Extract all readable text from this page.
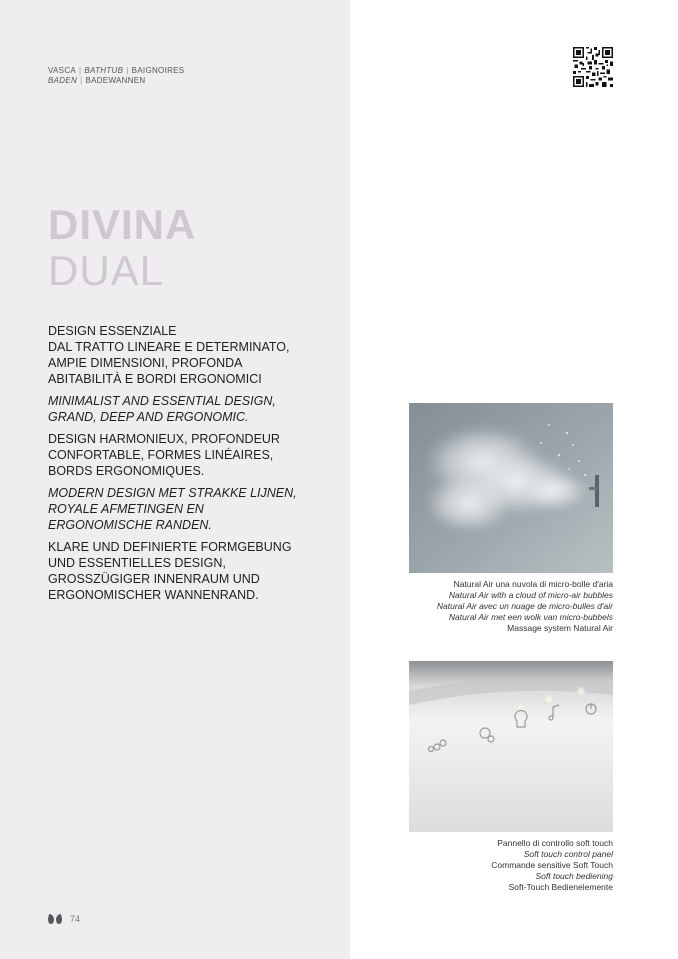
VASCA | BATHTUB | BAIGNOIRES
BADEN | BADEWANNEN
DIVINA
DUAL

DESIGN ESSENZIALE
DAL TRATTO LINEARE E DETERMINATO,
AMPIE DIMENSIONI, PROFONDA
ABITABILITÀ E BORDI ERGONOMICI

MINIMALIST AND ESSENTIAL DESIGN,
GRAND, DEEP AND ERGONOMIC.

DESIGN HARMONIEUX, PROFONDEUR
CONFORTABLE, FORMES LINÉAIRES,
BORDS ERGONOMIQUES.

MODERN DESIGN MET STRAKKE LIJNEN,
ROYALE AFMETINGEN EN
ERGONOMISCHE RANDEN.

KLARE UND DEFINIERTE FORMGEBUNG
UND ESSENTIELLES DESIGN,
GROSSZÜGIGER INNENRAUM UND
ERGONOMISCHER WANNENRAND.

Natural Air una nuvola di micro-bolle d'aria
Natural Air with a cloud of micro-air bubbles
Natural Air avec un nuage de micro-bulles d'air
Natural Air met een wolk van micro-bubbels
Massage system Natural Air
Pannello di controllo soft touch
Soft touch control panel
Commande sensitive Soft Touch
Soft touch bediening
Soft-Touch Bedienelemente
74
